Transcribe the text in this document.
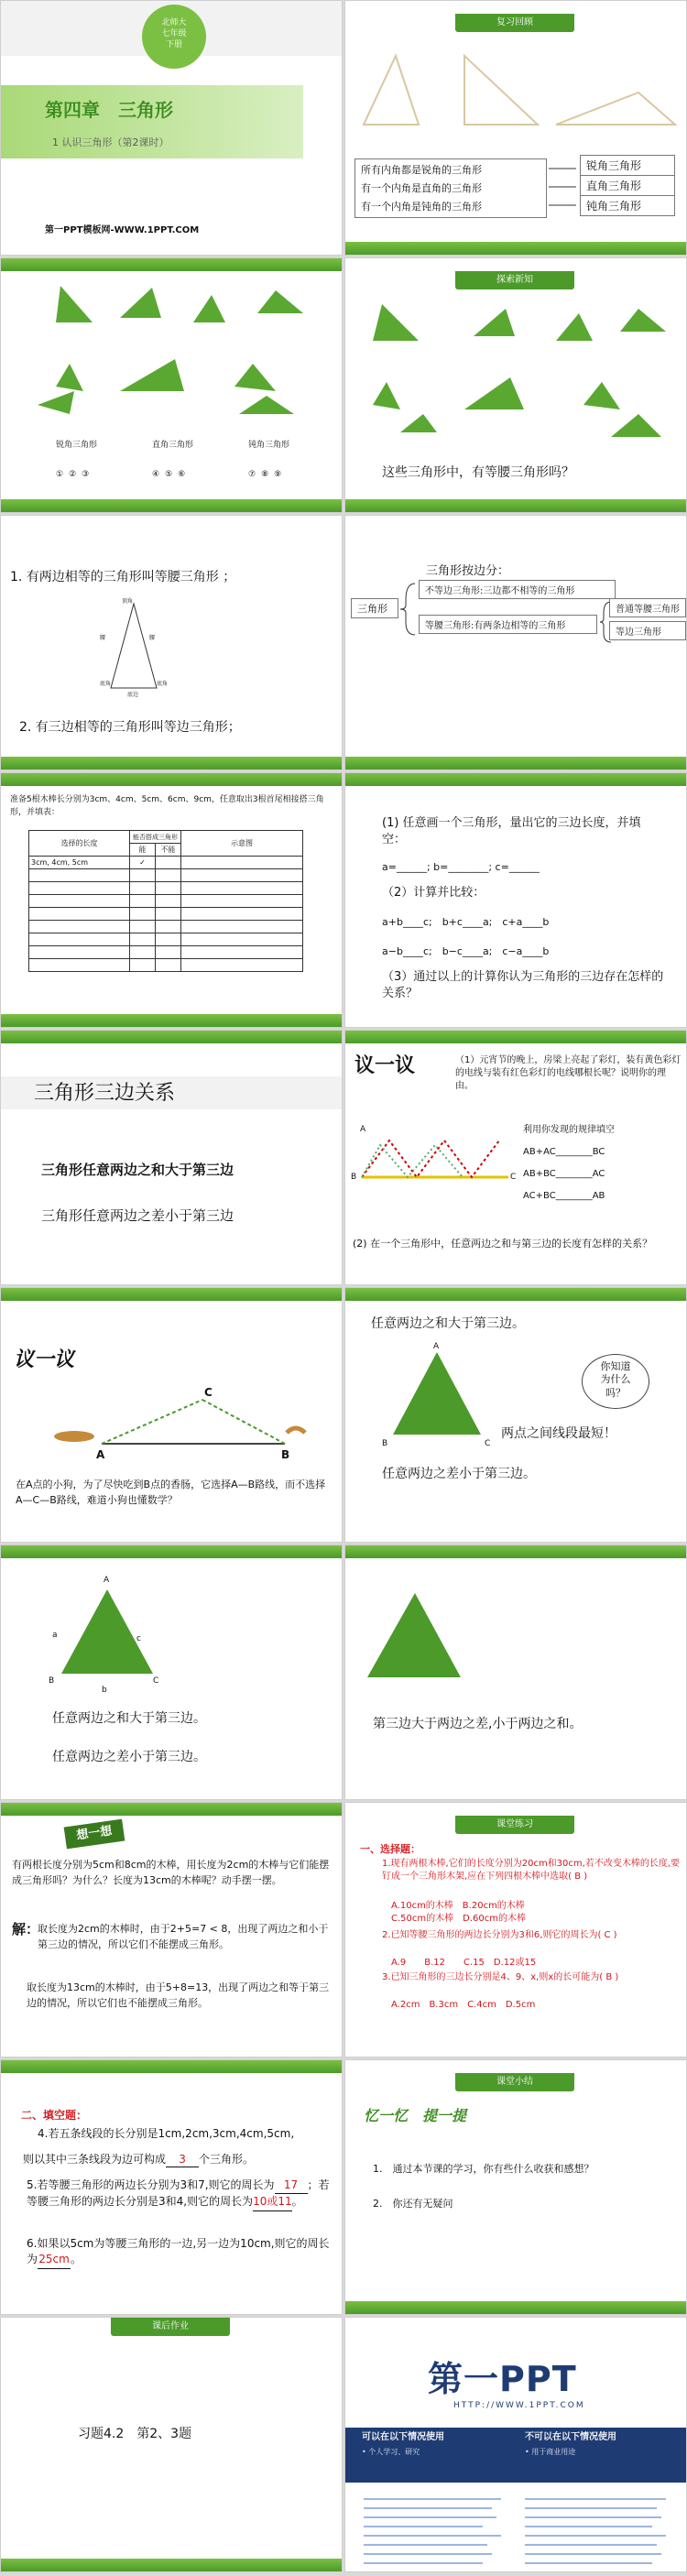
北师大
七年级
下册
第四章　三角形
1 认识三角形（第2课时）
第一PPT模板网-WWW.1PPT.COM
复习回顾
所有内角都是锐角的三角形
有一个内角是直角的三角形
有一个内角是钝角的三角形
锐角三角形
直角三角形
钝角三角形
锐角三角形	直角三角形	钝角三角形
①②③	④⑤⑥	⑦⑧⑨
探索新知
这些三角形中，有等腰三角形吗？
1. 有两边相等的三角形叫等腰三角形 ；
顶角
腰	腰
底角	底角
底边
2. 有三边相等的三角形叫等边三角形；
三角形按边分：
三角形
不等边三角形:三边都不相等的三角形
等腰三角形:有两条边相等的三角形
普通等腰三角形
等边三角形
准备5根木棒长分别为3cm、4cm、5cm、6cm、9cm，任意取出3根首尾相接搭三角形，并填表：
选择的长度	能否搭成三角形		示意图
	能	不能	
3cm, 4cm, 5cm	✓		

(1) 任意画一个三角形，量出它的三边长度，并填空：
a=______; b=________; c=______
（2）计算并比较：
a+b____c;　b+c____a;　c+a____b
a−b____c;　b−c____a;　c−a____b
（3）通过以上的计算你认为三角形的三边存在怎样的关系？
三角形三边关系
三角形任意两边之和大于第三边
三角形任意两边之差小于第三边
议一议	（1）元宵节的晚上，房梁上亮起了彩灯，装有黄色彩灯的电线与装有红色彩灯的电线哪根长呢？说明你的理由。
A
B	C
利用你发现的规律填空
AB+AC________BC
AB+BC________AC
AC+BC________AB
(2) 在一个三角形中，任意两边之和与第三边的长度有怎样的关系？
议一议
A
C
B
在A点的小狗，为了尽快吃到B点的香肠，它选择A—B路线，而不选择A—C—B路线，难道小狗也懂数学？
任意两边之和大于第三边。
A
B	C
你知道
为什么
吗？
两点之间线段最短！
任意两边之差小于第三边。
A
B	C
a
b
c
任意两边之和大于第三边。
任意两边之差小于第三边。
第三边大于两边之差,小于两边之和。
想一想
有两根长度分别为5cm和8cm的木棒，用长度为2cm的木棒与它们能摆成三角形吗？为什么？长度为13cm的木棒呢？动手摆一摆。
解：
取长度为2cm的木棒时，由于2+5=7 < 8，出现了两边之和小于第三边的情况，所以它们不能摆成三角形。
取长度为13cm的木棒时，由于5+8=13，出现了两边之和等于第三边的情况，所以它们也不能摆成三角形。
课堂练习
一、选择题：
1.现有两根木棒,它们的长度分别为20cm和30cm,若不改变木棒的长度,要钉成一个三角形木架,应在下列四根木棒中选取( B )
A.10cm的木棒　B.20cm的木棒
C.50cm的木棒　D.60cm的木棒
2.已知等腰三角形的两边长分别为3和6,则它的周长为( C )
A.9　　B.12　　C.15　D.12或15
3.已知三角形的三边长分别是4、9、x,则x的长可能为( B )
A.2cm　B.3cm　C.4cm　D.5cm
二、填空题：
4.若五条线段的长分别是1cm,2cm,3cm,4cm,5cm,
则以其中三条线段为边可构成 3 个三角形。
5.若等腰三角形的两边长分别为3和7,则它的周长为 17 ；若等腰三角形的两边长分别是3和4,则它的周长为10或11。
6.如果以5cm为等腰三角形的一边,另一边为10cm,则它的周长为25cm。
课堂小结
忆一忆　提一提
1.　通过本节课的学习，你有些什么收获和感想？
2.　你还有无疑问
课后作业
习题4.2　第2、3题
第一PPT
HTTP://WWW.1PPT.COM
可以在以下情况使用
• 个人学习、研究
不可以在以下情况使用
• 用于商业用途
